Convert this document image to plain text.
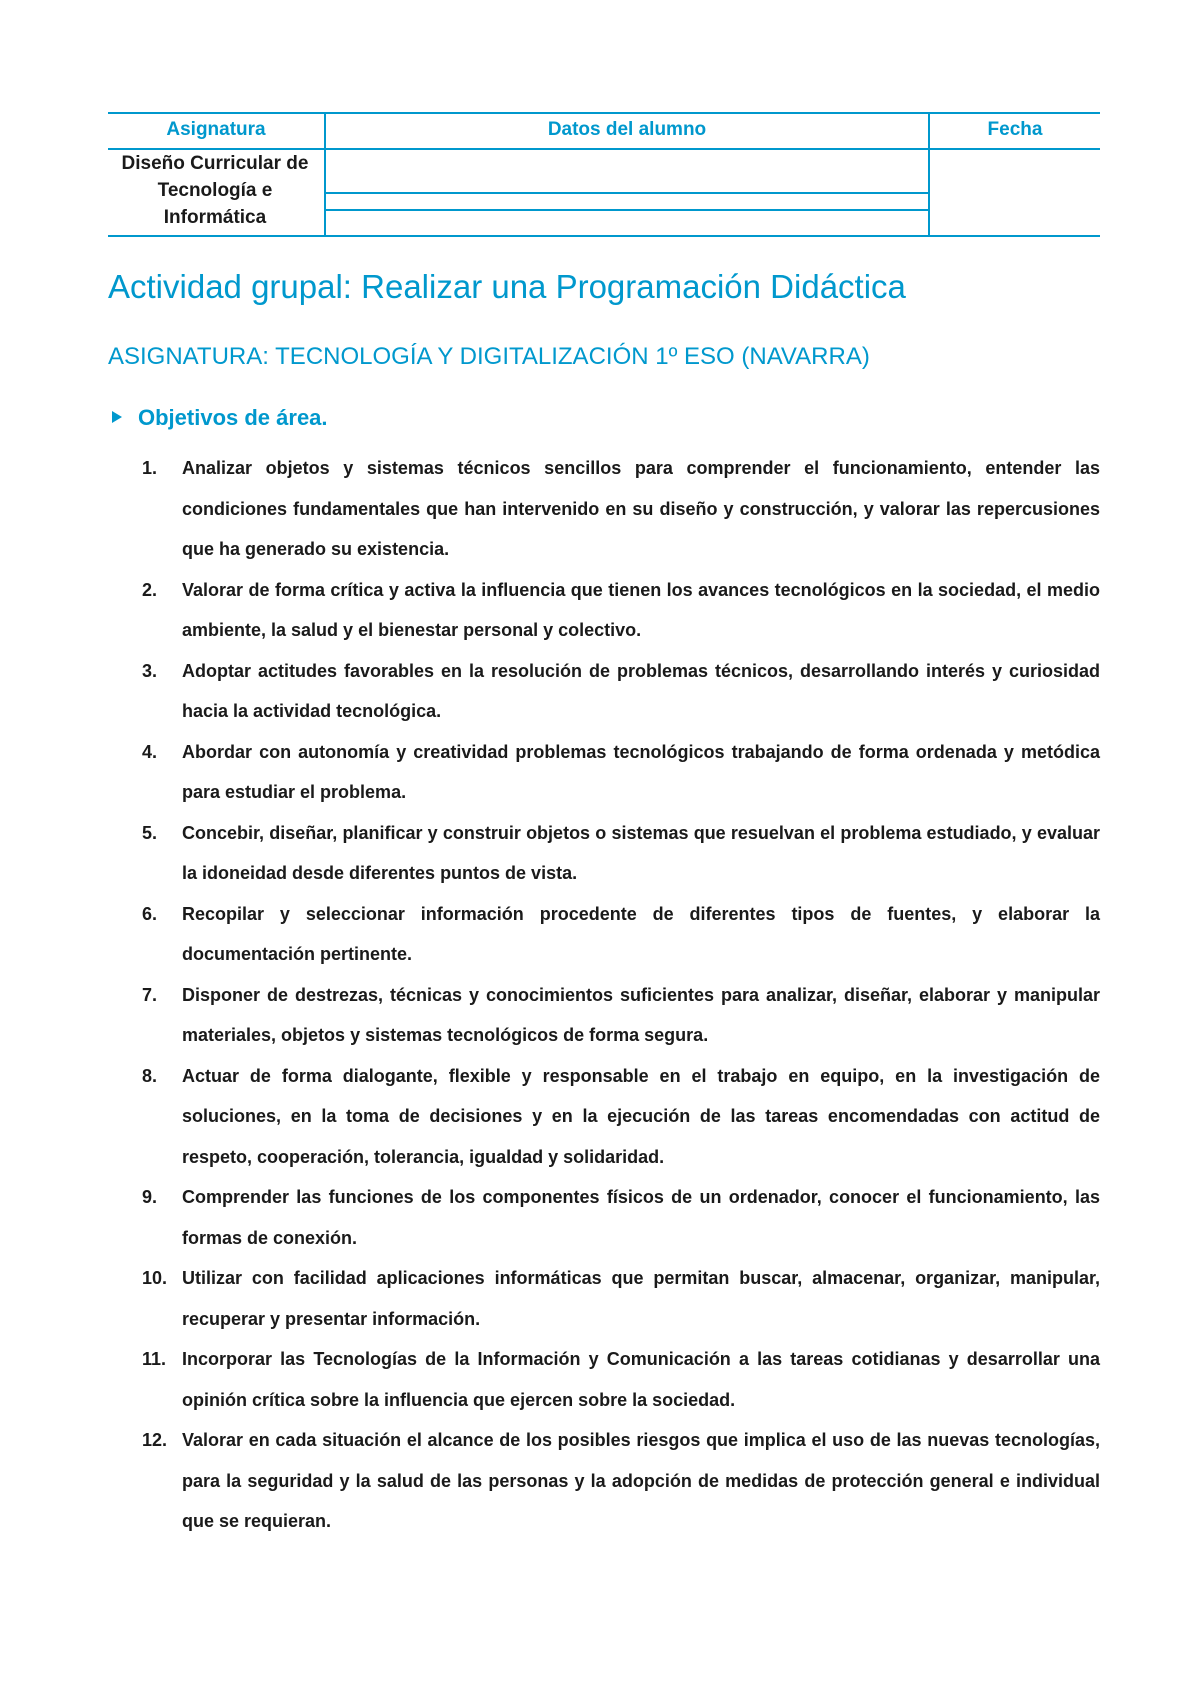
Asignatura	Datos del alumno	Fecha
Diseño Curricular de Tecnología e Informática
Actividad grupal: Realizar una Programación Didáctica
ASIGNATURA: TECNOLOGÍA Y DIGITALIZACIÓN 1º ESO (NAVARRA)
Objetivos de área.
1.	Analizar objetos y sistemas técnicos sencillos para comprender el funcionamiento, entender las condiciones fundamentales que han intervenido en su diseño y construcción, y valorar las repercusiones que ha generado su existencia.
2.	Valorar de forma crítica y activa la influencia que tienen los avances tecnológicos en la sociedad, el medio ambiente, la salud y el bienestar personal y colectivo.
3.	Adoptar actitudes favorables en la resolución de problemas técnicos, desarrollando interés y curiosidad hacia la actividad tecnológica.
4.	Abordar con autonomía y creatividad problemas tecnológicos trabajando de forma ordenada y metódica para estudiar el problema.
5.	Concebir, diseñar, planificar y construir objetos o sistemas que resuelvan el problema estudiado, y evaluar la idoneidad desde diferentes puntos de vista.
6.	Recopilar y seleccionar información procedente de diferentes tipos de fuentes, y elaborar la documentación pertinente.
7.	Disponer de destrezas, técnicas y conocimientos suficientes para analizar, diseñar, elaborar y manipular materiales, objetos y sistemas tecnológicos de forma segura.
8.	Actuar de forma dialogante, flexible y responsable en el trabajo en equipo, en la investigación de soluciones, en la toma de decisiones y en la ejecución de las tareas encomendadas con actitud de respeto, cooperación, tolerancia, igualdad y solidaridad.
9.	Comprender las funciones de los componentes físicos de un ordenador, conocer el funcionamiento, las formas de conexión.
10. Utilizar con facilidad aplicaciones informáticas que permitan buscar, almacenar, organizar, manipular, recuperar y presentar información.
11. Incorporar las Tecnologías de la Información y Comunicación a las tareas cotidianas y desarrollar una opinión crítica sobre la influencia que ejercen sobre la sociedad.
12. Valorar en cada situación el alcance de los posibles riesgos que implica el uso de las nuevas tecnologías, para la seguridad y la salud de las personas y la adopción de medidas de protección general e individual que se requieran.
